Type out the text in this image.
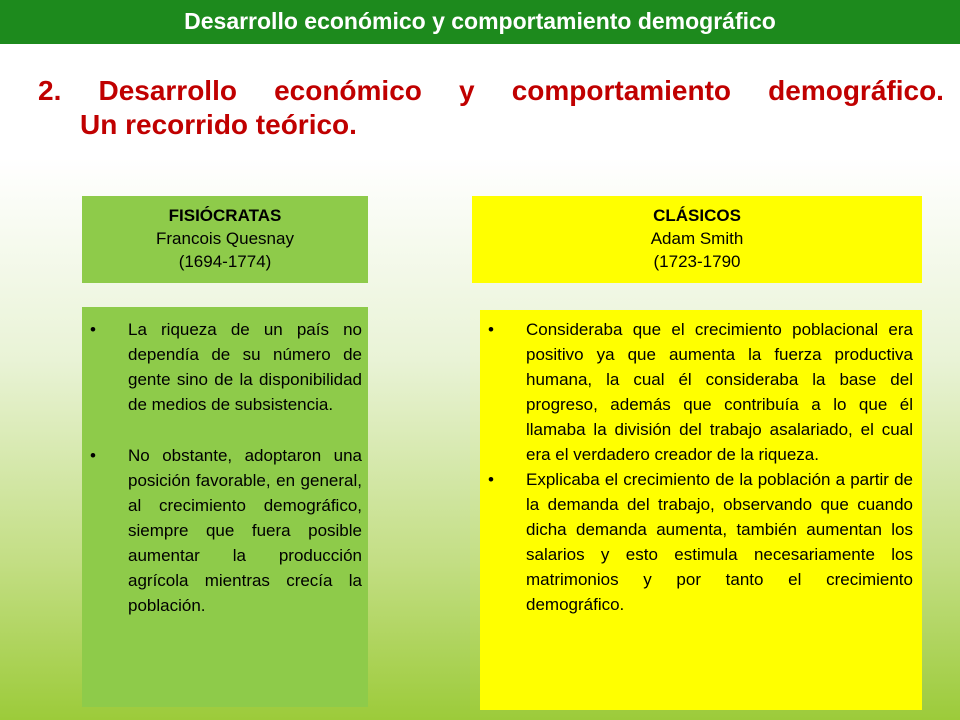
Desarrollo económico y comportamiento demográfico
2. Desarrollo económico y comportamiento demográfico.
Un recorrido teórico.
FISIÓCRATAS
Francois Quesnay
(1694-1774)
CLÁSICOS
Adam Smith
(1723-1790
• La riqueza de un país no dependía de su número de gente sino de la disponibilidad de medios de subsistencia.
• No obstante, adoptaron una posición favorable, en general, al crecimiento demográfico, siempre que fuera posible aumentar la producción agrícola mientras crecía la población.
• Consideraba que el crecimiento poblacional era positivo ya que aumenta la fuerza productiva humana, la cual él consideraba la base del progreso, además que contribuía a lo que él llamaba la división del trabajo asalariado, el cual era el verdadero creador de la riqueza.
• Explicaba el crecimiento de la población a partir de la demanda del trabajo, observando que cuando dicha demanda aumenta, también aumentan los salarios y esto estimula necesariamente los matrimonios y por tanto el crecimiento demográfico.
